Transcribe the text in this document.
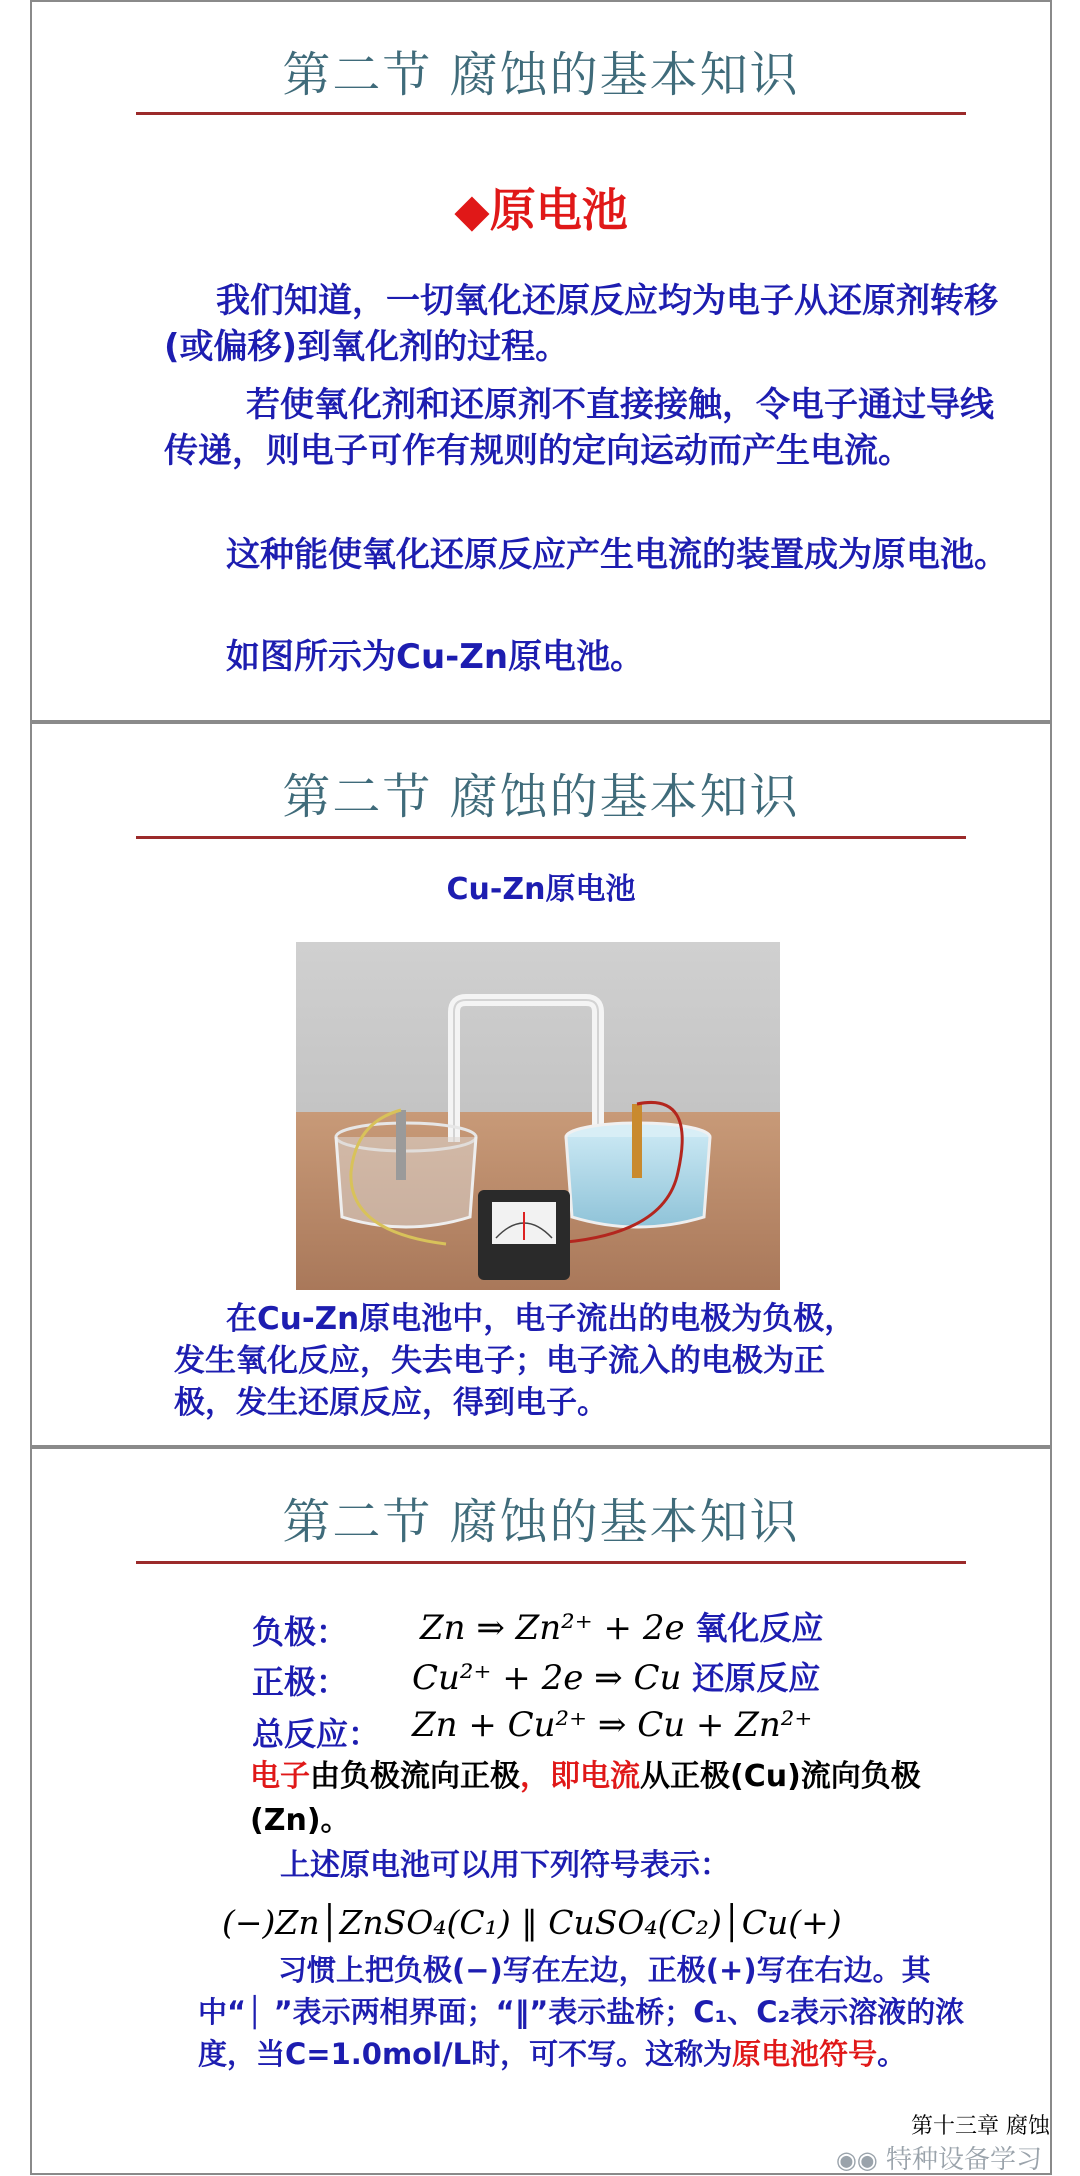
第二节 腐蚀的基本知识
◆原电池
我们知道，一切氧化还原反应均为电子从还原剂转移(或偏移)到氧化剂的过程。
若使氧化剂和还原剂不直接接触，令电子通过导线传递，则电子可作有规则的定向运动而产生电流。
这种能使氧化还原反应产生电流的装置成为原电池。
如图所示为Cu-Zn原电池。
第二节 腐蚀的基本知识
Cu-Zn原电池
在Cu-Zn原电池中，电子流出的电极为负极，
发生氧化反应，失去电子；电子流入的电极为正
极，发生还原反应，得到电子。
第二节 腐蚀的基本知识
负极： Zn ⇒ Zn²⁺ + 2e 氧化反应
正极： Cu²⁺ + 2e ⇒ Cu 还原反应
总反应： Zn + Cu²⁺ ⇒ Cu + Zn²⁺
电子由负极流向正极，即电流从正极(Cu)流向负极(Zn)。
上述原电池可以用下列符号表示：
(−)Zn│ZnSO₄(C₁) ‖ CuSO₄(C₂)│Cu(+)
习惯上把负极(−)写在左边，正极(+)写在右边。其中“│ ”表示两相界面；“‖”表示盐桥；C₁、C₂表示溶液的浓度，当C=1.0mol/L时，可不写。这称为原电池符号。
第十三章 腐蚀
◉◉ 特种设备学习
